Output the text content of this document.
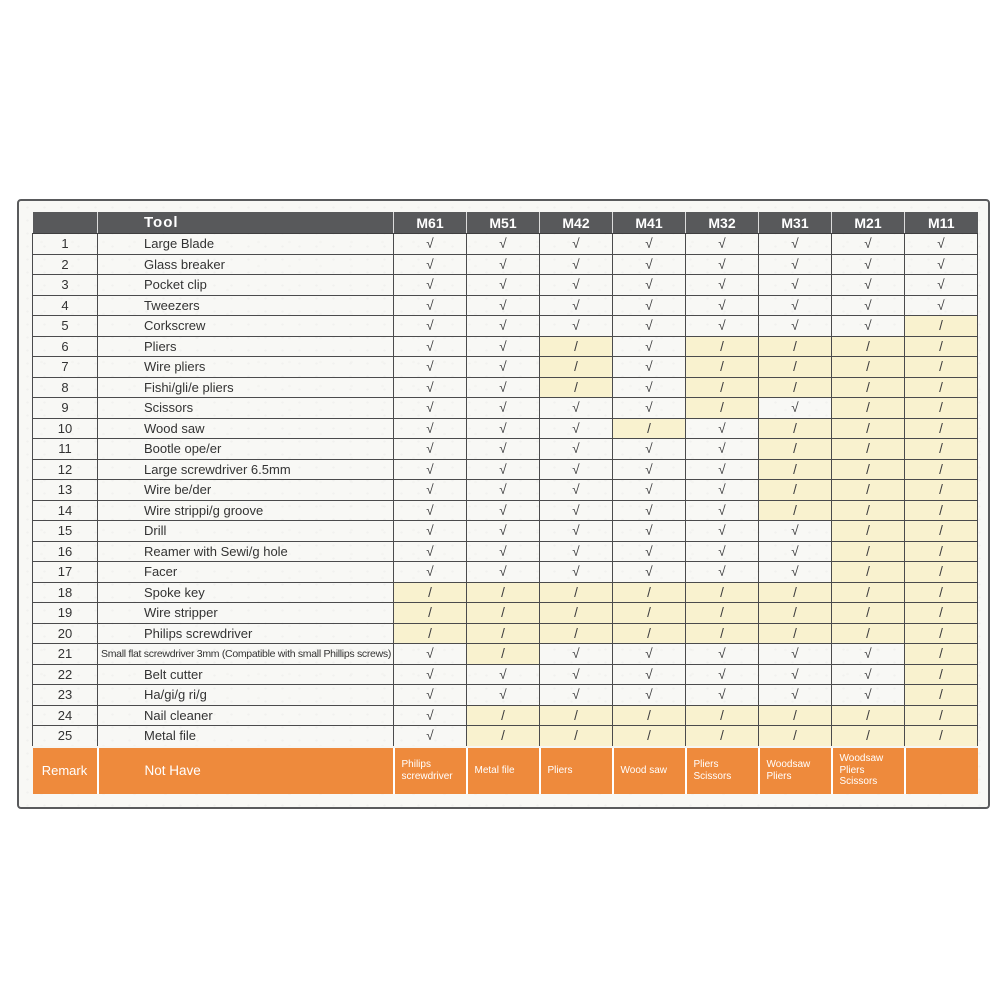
	Tool	M61	M51	M42	M41	M32	M31	M21	M11
1	Large Blade	√	√	√	√	√	√	√	√
2	Glass breaker	√	√	√	√	√	√	√	√
3	Pocket clip	√	√	√	√	√	√	√	√
4	Tweezers	√	√	√	√	√	√	√	√
5	Corkscrew	√	√	√	√	√	√	√	/
6	Pliers	√	√	/	√	/	/	/	/
7	Wire pliers	√	√	/	√	/	/	/	/
8	Fishi/gli/e pliers	√	√	/	√	/	/	/	/
9	Scissors	√	√	√	√	/	√	/	/
10	Wood saw	√	√	√	/	√	/	/	/
11	Bootle ope/er	√	√	√	√	√	/	/	/
12	Large screwdriver 6.5mm	√	√	√	√	√	/	/	/
13	Wire be/der	√	√	√	√	√	/	/	/
14	Wire strippi/g groove	√	√	√	√	√	/	/	/
15	Drill	√	√	√	√	√	√	/	/
16	Reamer with Sewi/g hole	√	√	√	√	√	√	/	/
17	Facer	√	√	√	√	√	√	/	/
18	Spoke key	/	/	/	/	/	/	/	/
19	Wire stripper	/	/	/	/	/	/	/	/
20	Philips screwdriver	/	/	/	/	/	/	/	/
21	Small flat screwdriver 3mm (Compatible with small Phillips screws)	√	/	√	√	√	√	√	/
22	Belt cutter	√	√	√	√	√	√	√	/
23	Ha/gi/g ri/g	√	√	√	√	√	√	√	/
24	Nail cleaner	√	/	/	/	/	/	/	/
25	Metal file	√	/	/	/	/	/	/	/
Remark	Not Have	Philips screwdriver	Metal file	Pliers	Wood saw	Pliers Scissors	Woodsaw Pliers	Woodsaw Pliers Scissors	
